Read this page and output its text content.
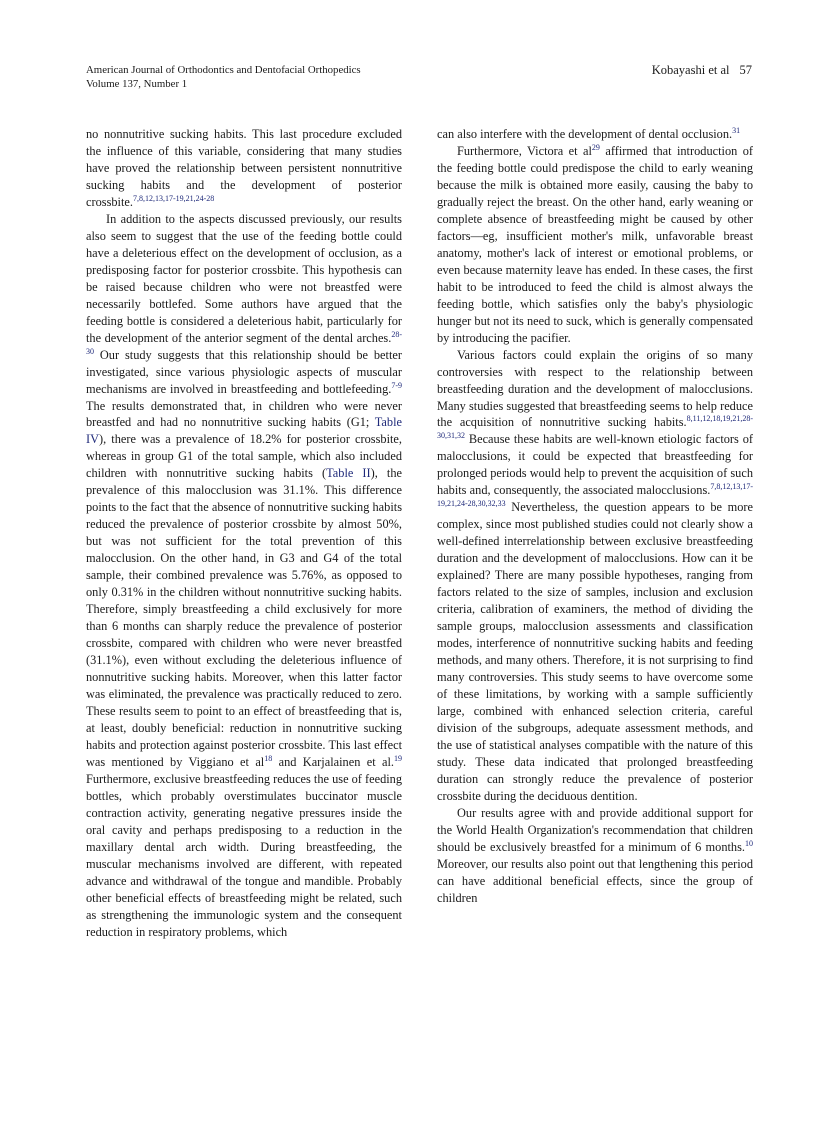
American Journal of Orthodontics and Dentofacial Orthopedics
Volume 137, Number 1
Kobayashi et al 57

no nonnutritive sucking habits. This last procedure excluded the influence of this variable, considering that many studies have proved the relationship between persistent nonnutritive sucking habits and the development of posterior crossbite.$^{7,8,12,13,17-19,21,24-28}$

In addition to the aspects discussed previously, our results also seem to suggest that the use of the feeding bottle could have a deleterious effect on the development of occlusion, as a predisposing factor for posterior crossbite. This hypothesis can be raised because children who were not breastfed were necessarily bottlefed. Some authors have argued that the feeding bottle is considered a deleterious habit, particularly for the development of the anterior segment of the dental arches.$^{28-30}$ Our study suggests that this relationship should be better investigated, since various physiologic aspects of muscular mechanisms are involved in breastfeeding and bottlefeeding.$^{7-9}$ The results demonstrated that, in children who were never breastfed and had no nonnutritive sucking habits (G1; Table IV), there was a prevalence of 18.2% for posterior crossbite, whereas in group G1 of the total sample, which also included children with nonnutritive sucking habits (Table II), the prevalence of this malocclusion was 31.1%. This difference points to the fact that the absence of nonnutritive sucking habits reduced the prevalence of posterior crossbite by almost 50%, but was not sufficient for the total prevention of this malocclusion. On the other hand, in G3 and G4 of the total sample, their combined prevalence was 5.76%, as opposed to only 0.31% in the children without nonnutritive sucking habits. Therefore, simply breastfeeding a child exclusively for more than 6 months can sharply reduce the prevalence of posterior crossbite, compared with children who were never breastfed (31.1%), even without excluding the deleterious influence of nonnutritive sucking habits. Moreover, when this latter factor was eliminated, the prevalence was practically reduced to zero. These results seem to point to an effect of breastfeeding that is, at least, doubly beneficial: reduction in nonnutritive sucking habits and protection against posterior crossbite. This last effect was mentioned by Viggiano et $al^{18}$ and Karjalainen et al.$^{19}$ Furthermore, exclusive breastfeeding reduces the use of feeding bottles, which probably overstimulates buccinator muscle contraction activity, generating negative pressures inside the oral cavity and perhaps predisposing to a reduction in the maxillary dental arch width. During breastfeeding, the muscular mechanisms involved are different, with repeated advance and withdrawal of the tongue and mandible. Probably other beneficial effects of breastfeeding might be related, such as strengthening the immunologic system and the consequent reduction in respiratory problems, which

can also interfere with the development of dental occlusion.$^{31}$

Furthermore, Victora et $al^{29}$ affirmed that introduction of the feeding bottle could predispose the child to early weaning because the milk is obtained more easily, causing the baby to gradually reject the breast. On the other hand, early weaning or complete absence of breastfeeding might be caused by other factors—eg, insufficient mother's milk, unfavorable breast anatomy, mother's lack of interest or emotional problems, or even because maternity leave has ended. In these cases, the first habit to be introduced to feed the child is almost always the feeding bottle, which satisfies only the baby's physiologic hunger but not its need to suck, which is generally compensated by introducing the pacifier.

Various factors could explain the origins of so many controversies with respect to the relationship between breastfeeding duration and the development of malocclusions. Many studies suggested that breastfeeding seems to help reduce the acquisition of nonnutritive sucking habits.$^{8,11,12,18,19,21,28-30,31,32}$ Because these habits are well-known etiologic factors of malocclusions, it could be expected that breastfeeding for prolonged periods would help to prevent the acquisition of such habits and, consequently, the associated malocclusions.$^{7,8,12,13,17-19,21,24-28,30,32,33}$ Nevertheless, the question appears to be more complex, since most published studies could not clearly show a well-defined interrelationship between exclusive breastfeeding duration and the development of malocclusions. How can it be explained? There are many possible hypotheses, ranging from factors related to the size of samples, inclusion and exclusion criteria, calibration of examiners, the method of dividing the sample groups, malocclusion assessments and classification modes, interference of nonnutritive sucking habits and feeding methods, and many others. Therefore, it is not surprising to find many controversies. This study seems to have overcome some of these limitations, by working with a sample sufficiently large, combined with enhanced selection criteria, careful division of the subgroups, adequate assessment methods, and the use of statistical analyses compatible with the nature of this study. These data indicated that prolonged breastfeeding duration can strongly reduce the prevalence of posterior crossbite during the deciduous dentition.

Our results agree with and provide additional support for the World Health Organization's recommendation that children should be exclusively breastfed for a minimum of 6 months.$^{10}$ Moreover, our results also point out that lengthening this period can have additional beneficial effects, since the group of children
